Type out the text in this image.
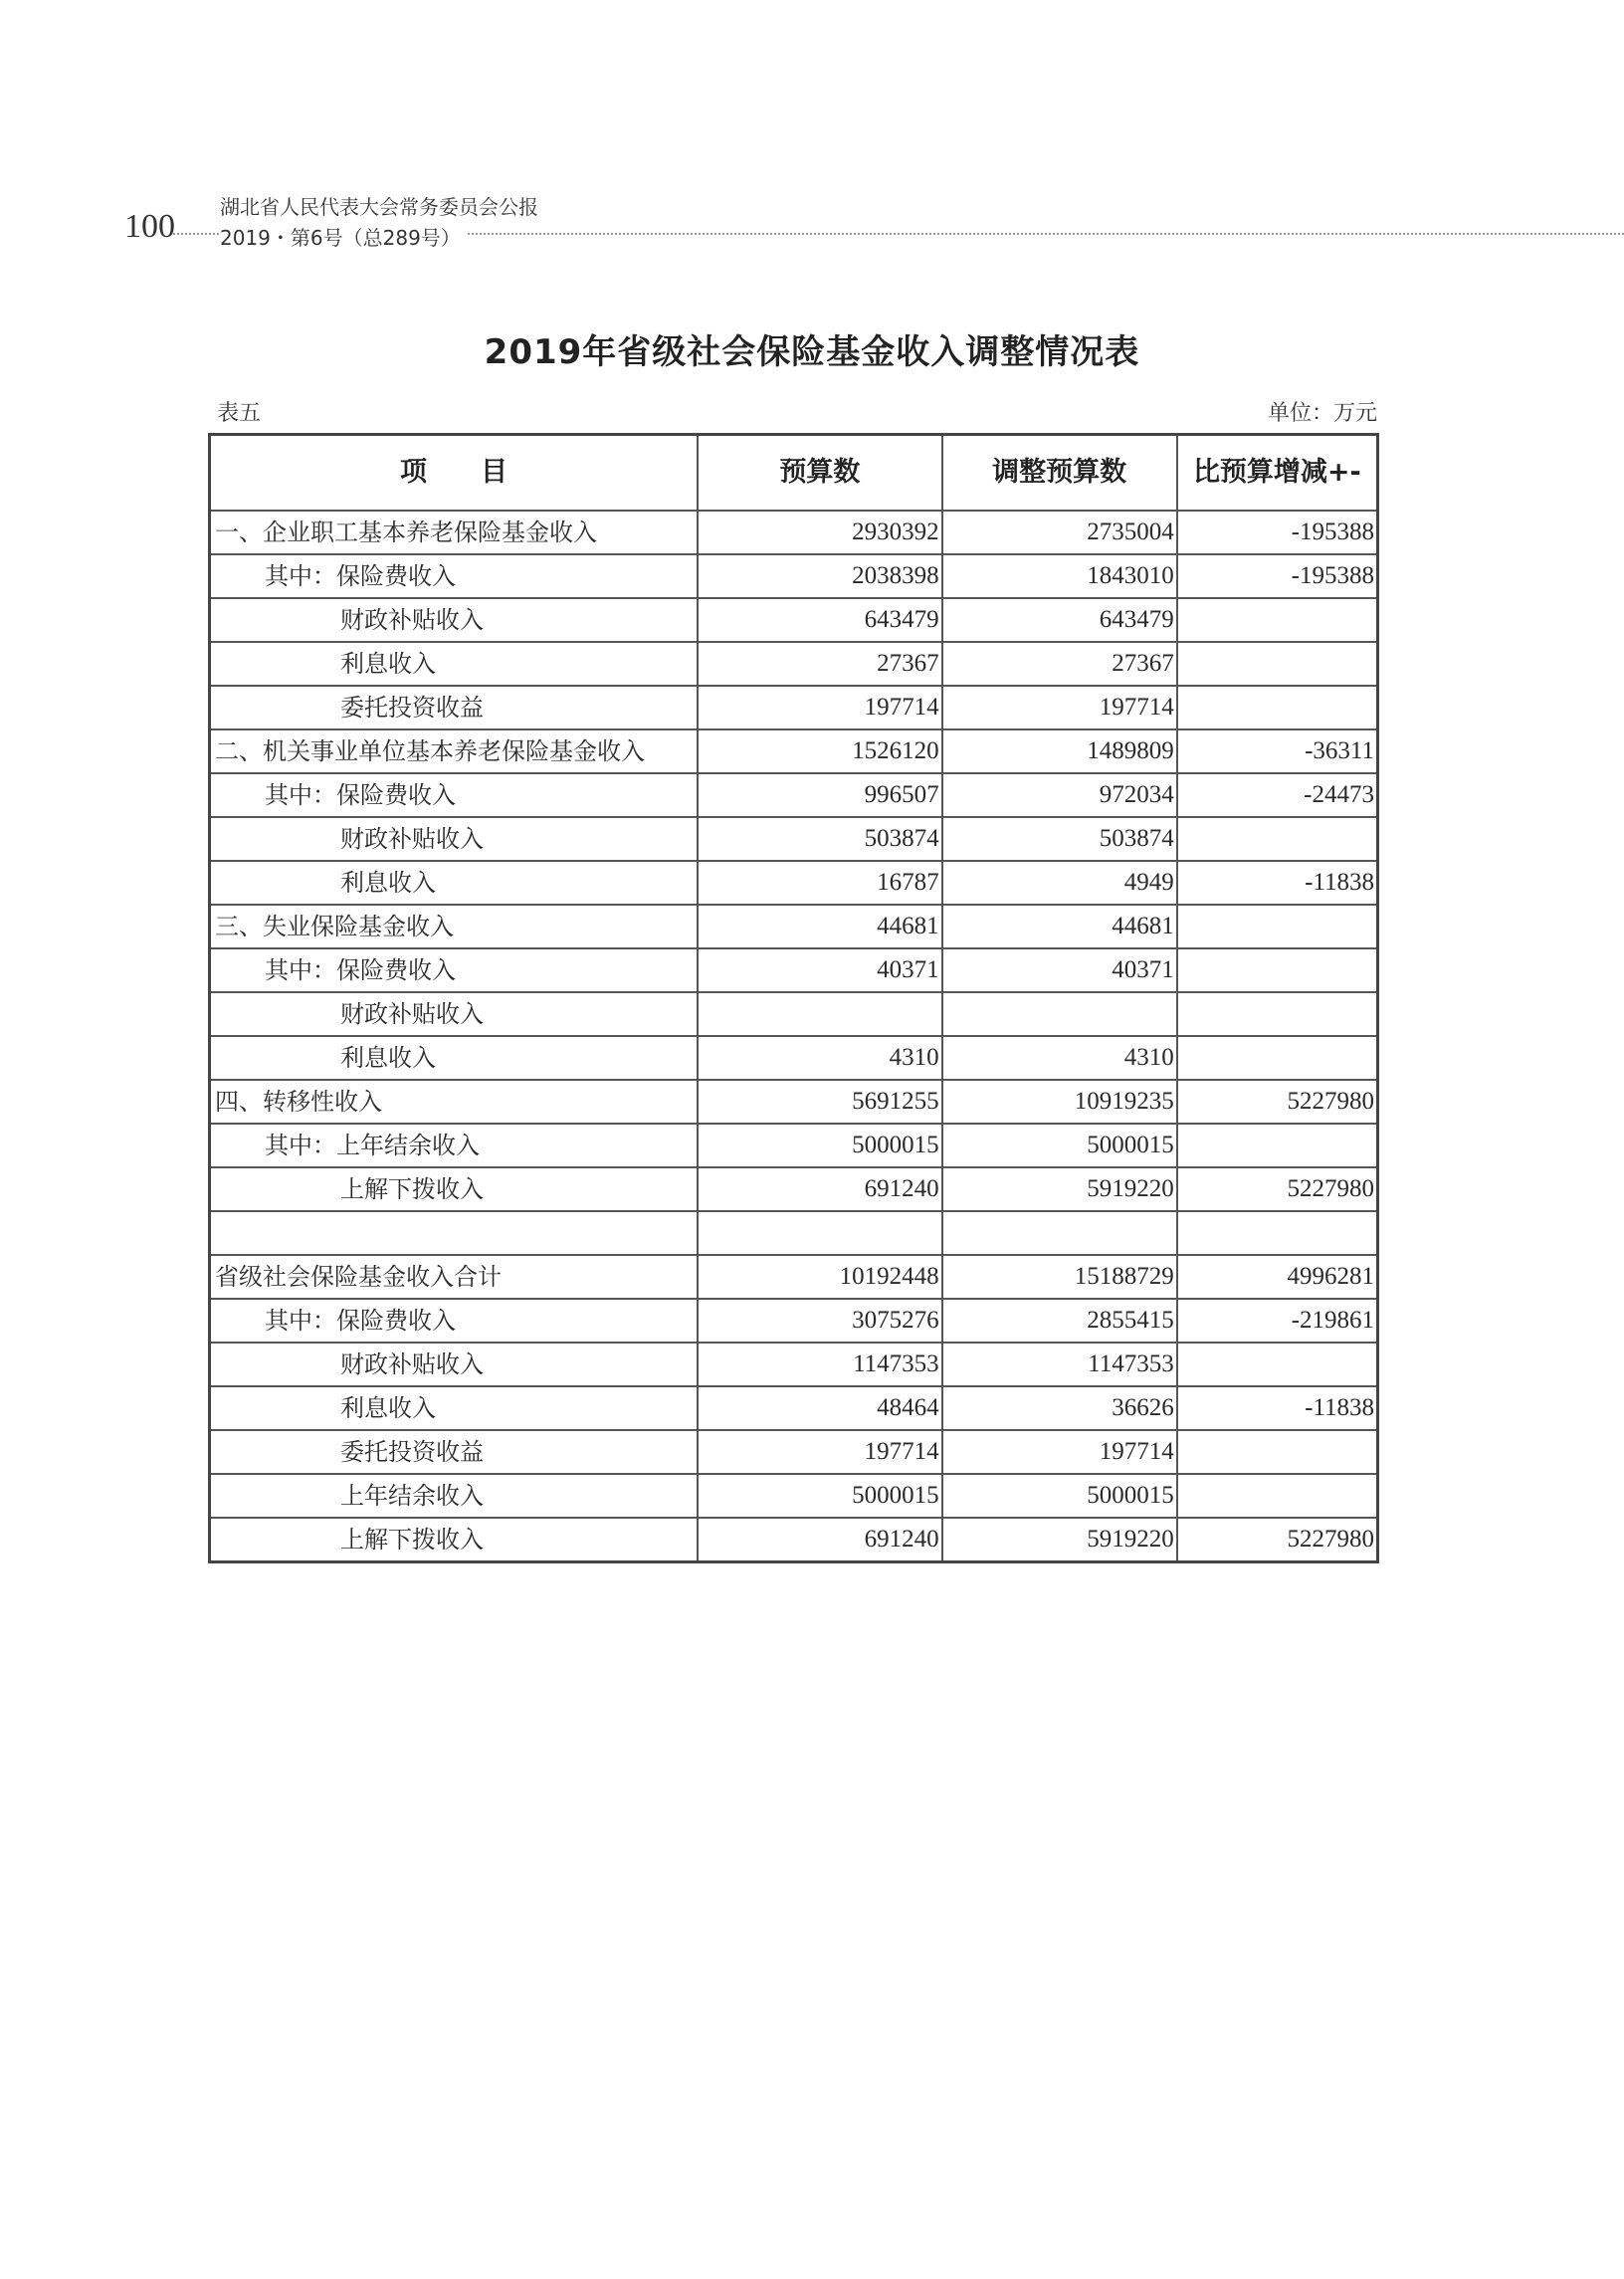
100
湖北省人民代表大会常务委员会公报
2019・第6号（总289号）
2019年省级社会保险基金收入调整情况表
表五	单位：万元
项　　目	预算数	调整预算数	比预算增减+-
一、企业职工基本养老保险基金收入	2930392	2735004	-195388
其中：保险费收入	2038398	1843010	-195388
财政补贴收入	643479	643479	
利息收入	27367	27367	
委托投资收益	197714	197714	
二、机关事业单位基本养老保险基金收入	1526120	1489809	-36311
其中：保险费收入	996507	972034	-24473
财政补贴收入	503874	503874	
利息收入	16787	4949	-11838
三、失业保险基金收入	44681	44681	
其中：保险费收入	40371	40371	
财政补贴收入			
利息收入	4310	4310	
四、转移性收入	5691255	10919235	5227980
其中：上年结余收入	5000015	5000015	
上解下拨收入	691240	5919220	5227980

省级社会保险基金收入合计	10192448	15188729	4996281
其中：保险费收入	3075276	2855415	-219861
财政补贴收入	1147353	1147353	
利息收入	48464	36626	-11838
委托投资收益	197714	197714	
上年结余收入	5000015	5000015	
上解下拨收入	691240	5919220	5227980
